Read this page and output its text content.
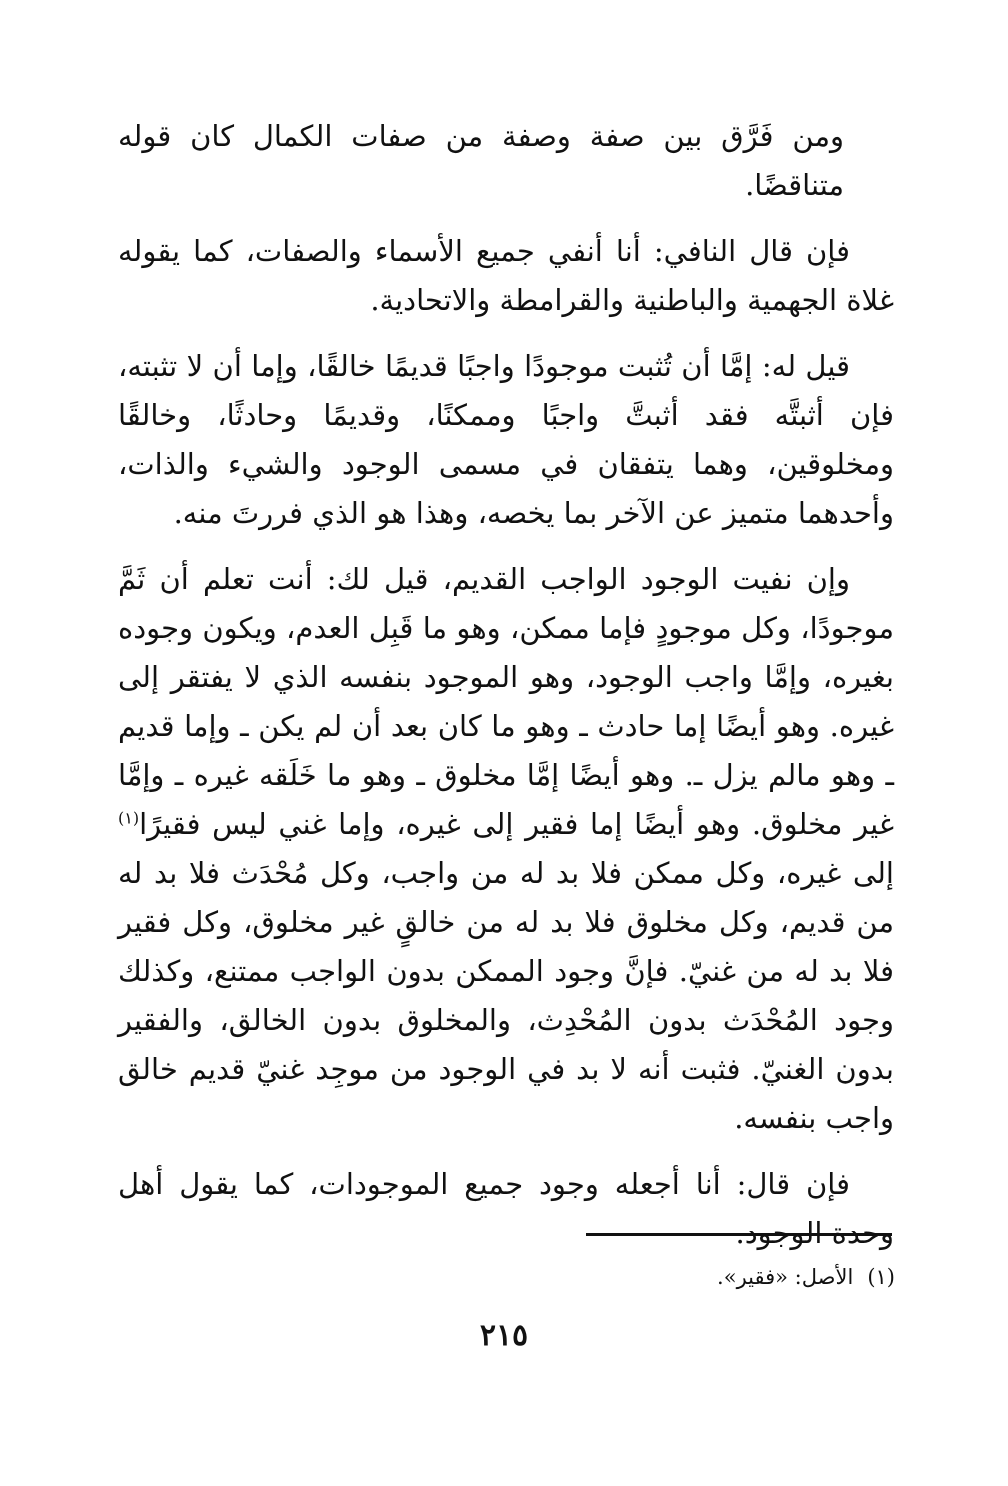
ومن فَرَّق بين صفة وصفة من صفات الكمال كان قوله متناقضًا.

فإن قال النافي: أنا أنفي جميع الأسماء والصفات، كما يقوله غلاة الجهمية والباطنية والقرامطة والاتحادية.

قيل له: إمَّا أن تُثبت موجودًا واجبًا قديمًا خالقًا، وإما أن لا تثبته، فإن أثبتَّه فقد أثبتَّ واجبًا وممكنًا، وقديمًا وحادثًا، وخالقًا ومخلوقين، وهما يتفقان في مسمى الوجود والشيء والذات، وأحدهما متميز عن الآخر بما يخصه، وهذا هو الذي فررتَ منه.

وإن نفيت الوجود الواجب القديم، قيل لك: أنت تعلم أن ثَمَّ موجودًا، وكل موجودٍ فإما ممكن، وهو ما قَبِل العدم، ويكون وجوده بغيره، وإمَّا واجب الوجود، وهو الموجود بنفسه الذي لا يفتقر إلى غيره. وهو أيضًا إما حادث ـ وهو ما كان بعد أن لم يكن ـ وإما قديم ـ وهو مالم يزل ـ. وهو أيضًا إمَّا مخلوق ـ وهو ما خَلَقه غيره ـ وإمَّا غير مخلوق. وهو أيضًا إما فقير إلى غيره، وإما غني ليس فقيرًا$^{(١)}$ إلى غيره، وكل ممكن فلا بد له من واجب، وكل مُحْدَث فلا بد له من قديم، وكل مخلوق فلا بد له من خالقٍ غير مخلوق، وكل فقير فلا بد له من غنيّ. فإنَّ وجود الممكن بدون الواجب ممتنع، وكذلك وجود المُحْدَث بدون المُحْدِث، والمخلوق بدون الخالق، والفقير بدون الغنيّ. فثبت أنه لا بد في الوجود من موجِد غنيّ قديم خالق واجب بنفسه.

فإن قال: أنا أجعله وجود جميع الموجودات، كما يقول أهل وحدة الوجود.

(١)الأصل: «فقير».
٢١٥
